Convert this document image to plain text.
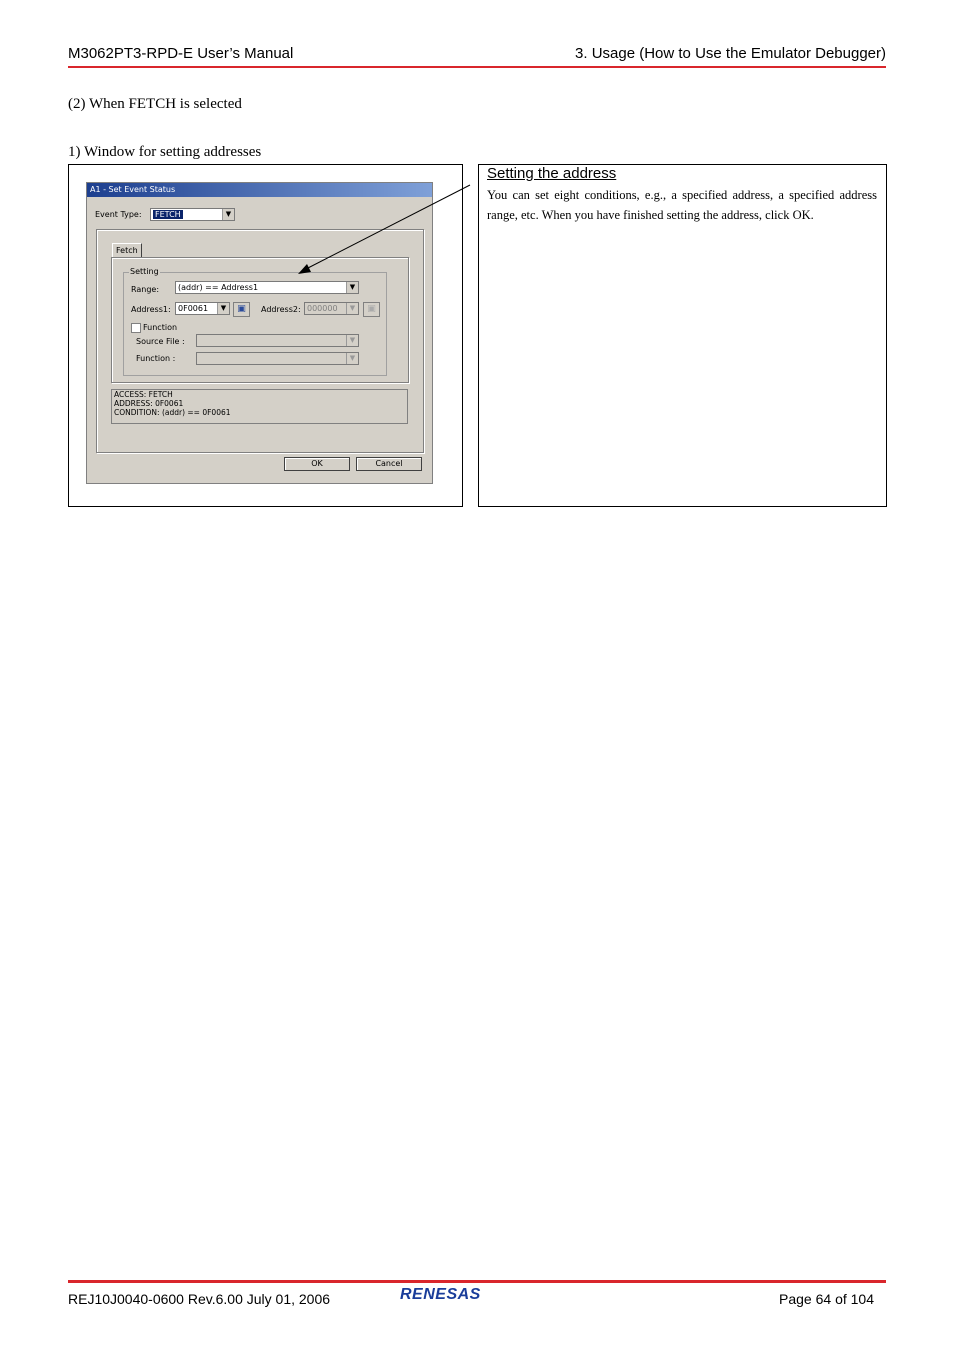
M3062PT3-RPD-E User’s Manual	3. Usage (How to Use the Emulator Debugger)
(2) When FETCH is selected
1) Window for setting addresses
A1 - Set Event Status
Event Type:	FETCH	▼
Fetch
Setting
Range:	(addr) == Address1	▼
Address1: 0F0061	▼	▣	Address2: 000000	▼	▣
Function
Source File :	▼
Function :	▼
ACCESS: FETCH
ADDRESS: 0F0061
CONDITION: (addr) == 0F0061
OK	Cancel
Setting the address
You can set eight conditions, e.g., a specified address, a specified address range, etc. When you have finished setting the address, click OK.
REJ10J0040-0600 Rev.6.00 July 01, 2006	RENESAS	Page 64 of 104
